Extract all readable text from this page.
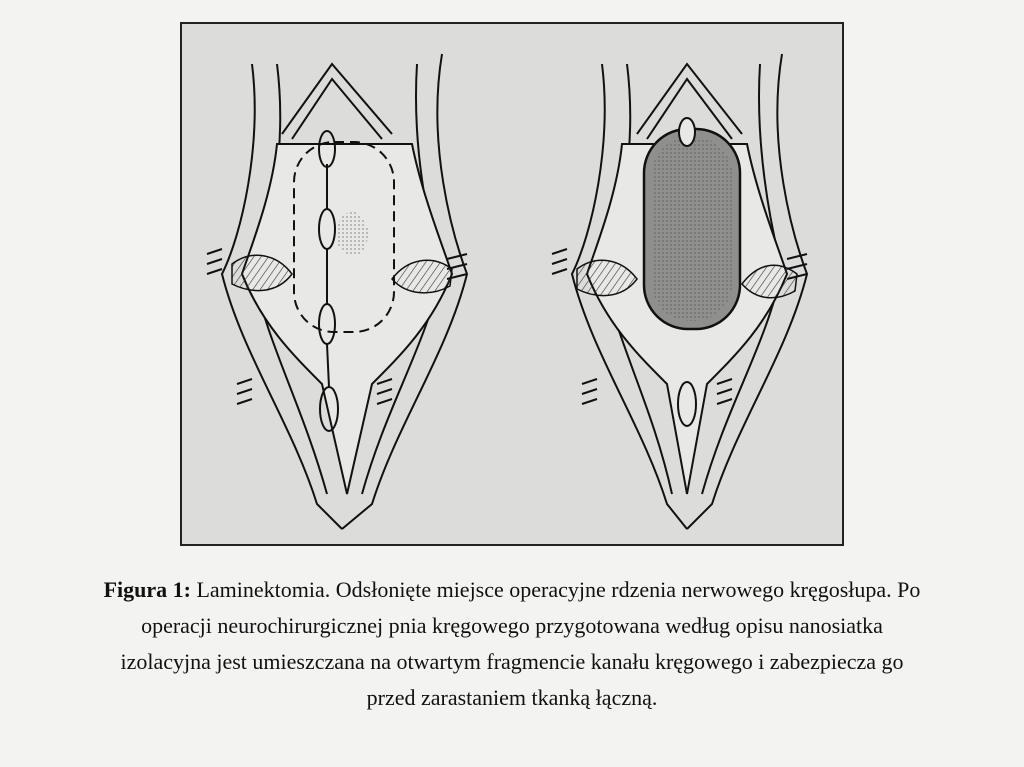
Figura 1: Laminektomia. Odsłonięte miejsce operacyjne rdzenia nerwowego kręgosłupa. Po
operacji neurochirurgicznej pnia kręgowego przygotowana według opisu nanosiatka
izolacyjna jest umieszczana na otwartym fragmencie kanału kręgowego i zabezpiecza go
przed zarastaniem tkanką łączną.
